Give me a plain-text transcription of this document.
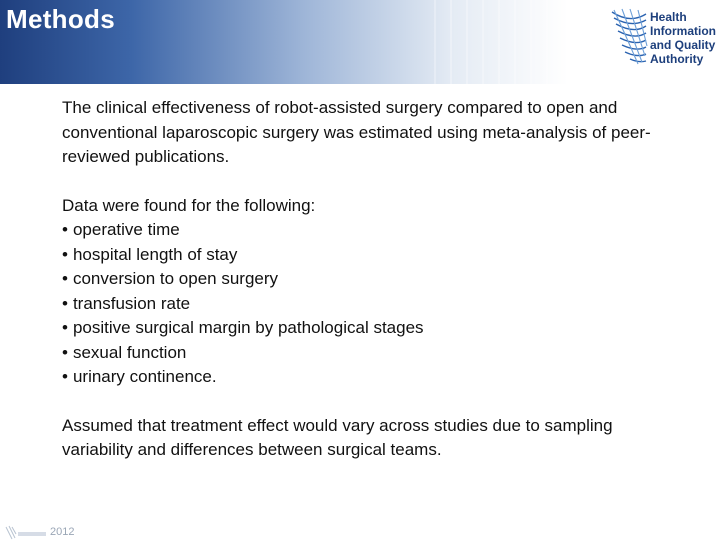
Methods	Health
Information
and Quality
Authority

The clinical effectiveness of robot-assisted surgery compared to open and conventional laparoscopic surgery was estimated using meta-analysis of peer-reviewed publications.

Data were found for the following:

• operative time
• hospital length of stay
• conversion to open surgery
• transfusion rate
• positive surgical margin by pathological stages
• sexual function
• urinary continence.

Assumed that treatment effect would vary across studies due to sampling variability and differences between surgical teams.

2012
